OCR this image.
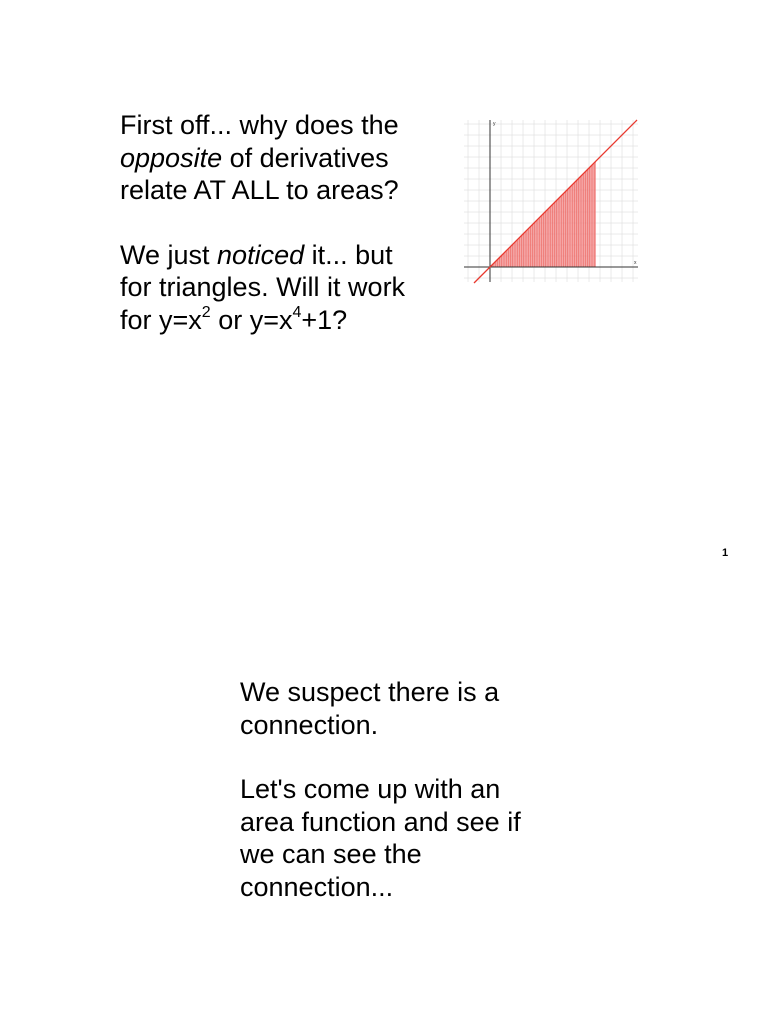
First off... why does the

opposite of derivatives

relate AT ALL to areas?

We just noticed it... but

for triangles. Will it work

for $y=x^2$ or $y=x^4+1$?

y
x
1

We suspect there is a

connection.

Let's come up with an

area function and see if

we can see the

connection...
